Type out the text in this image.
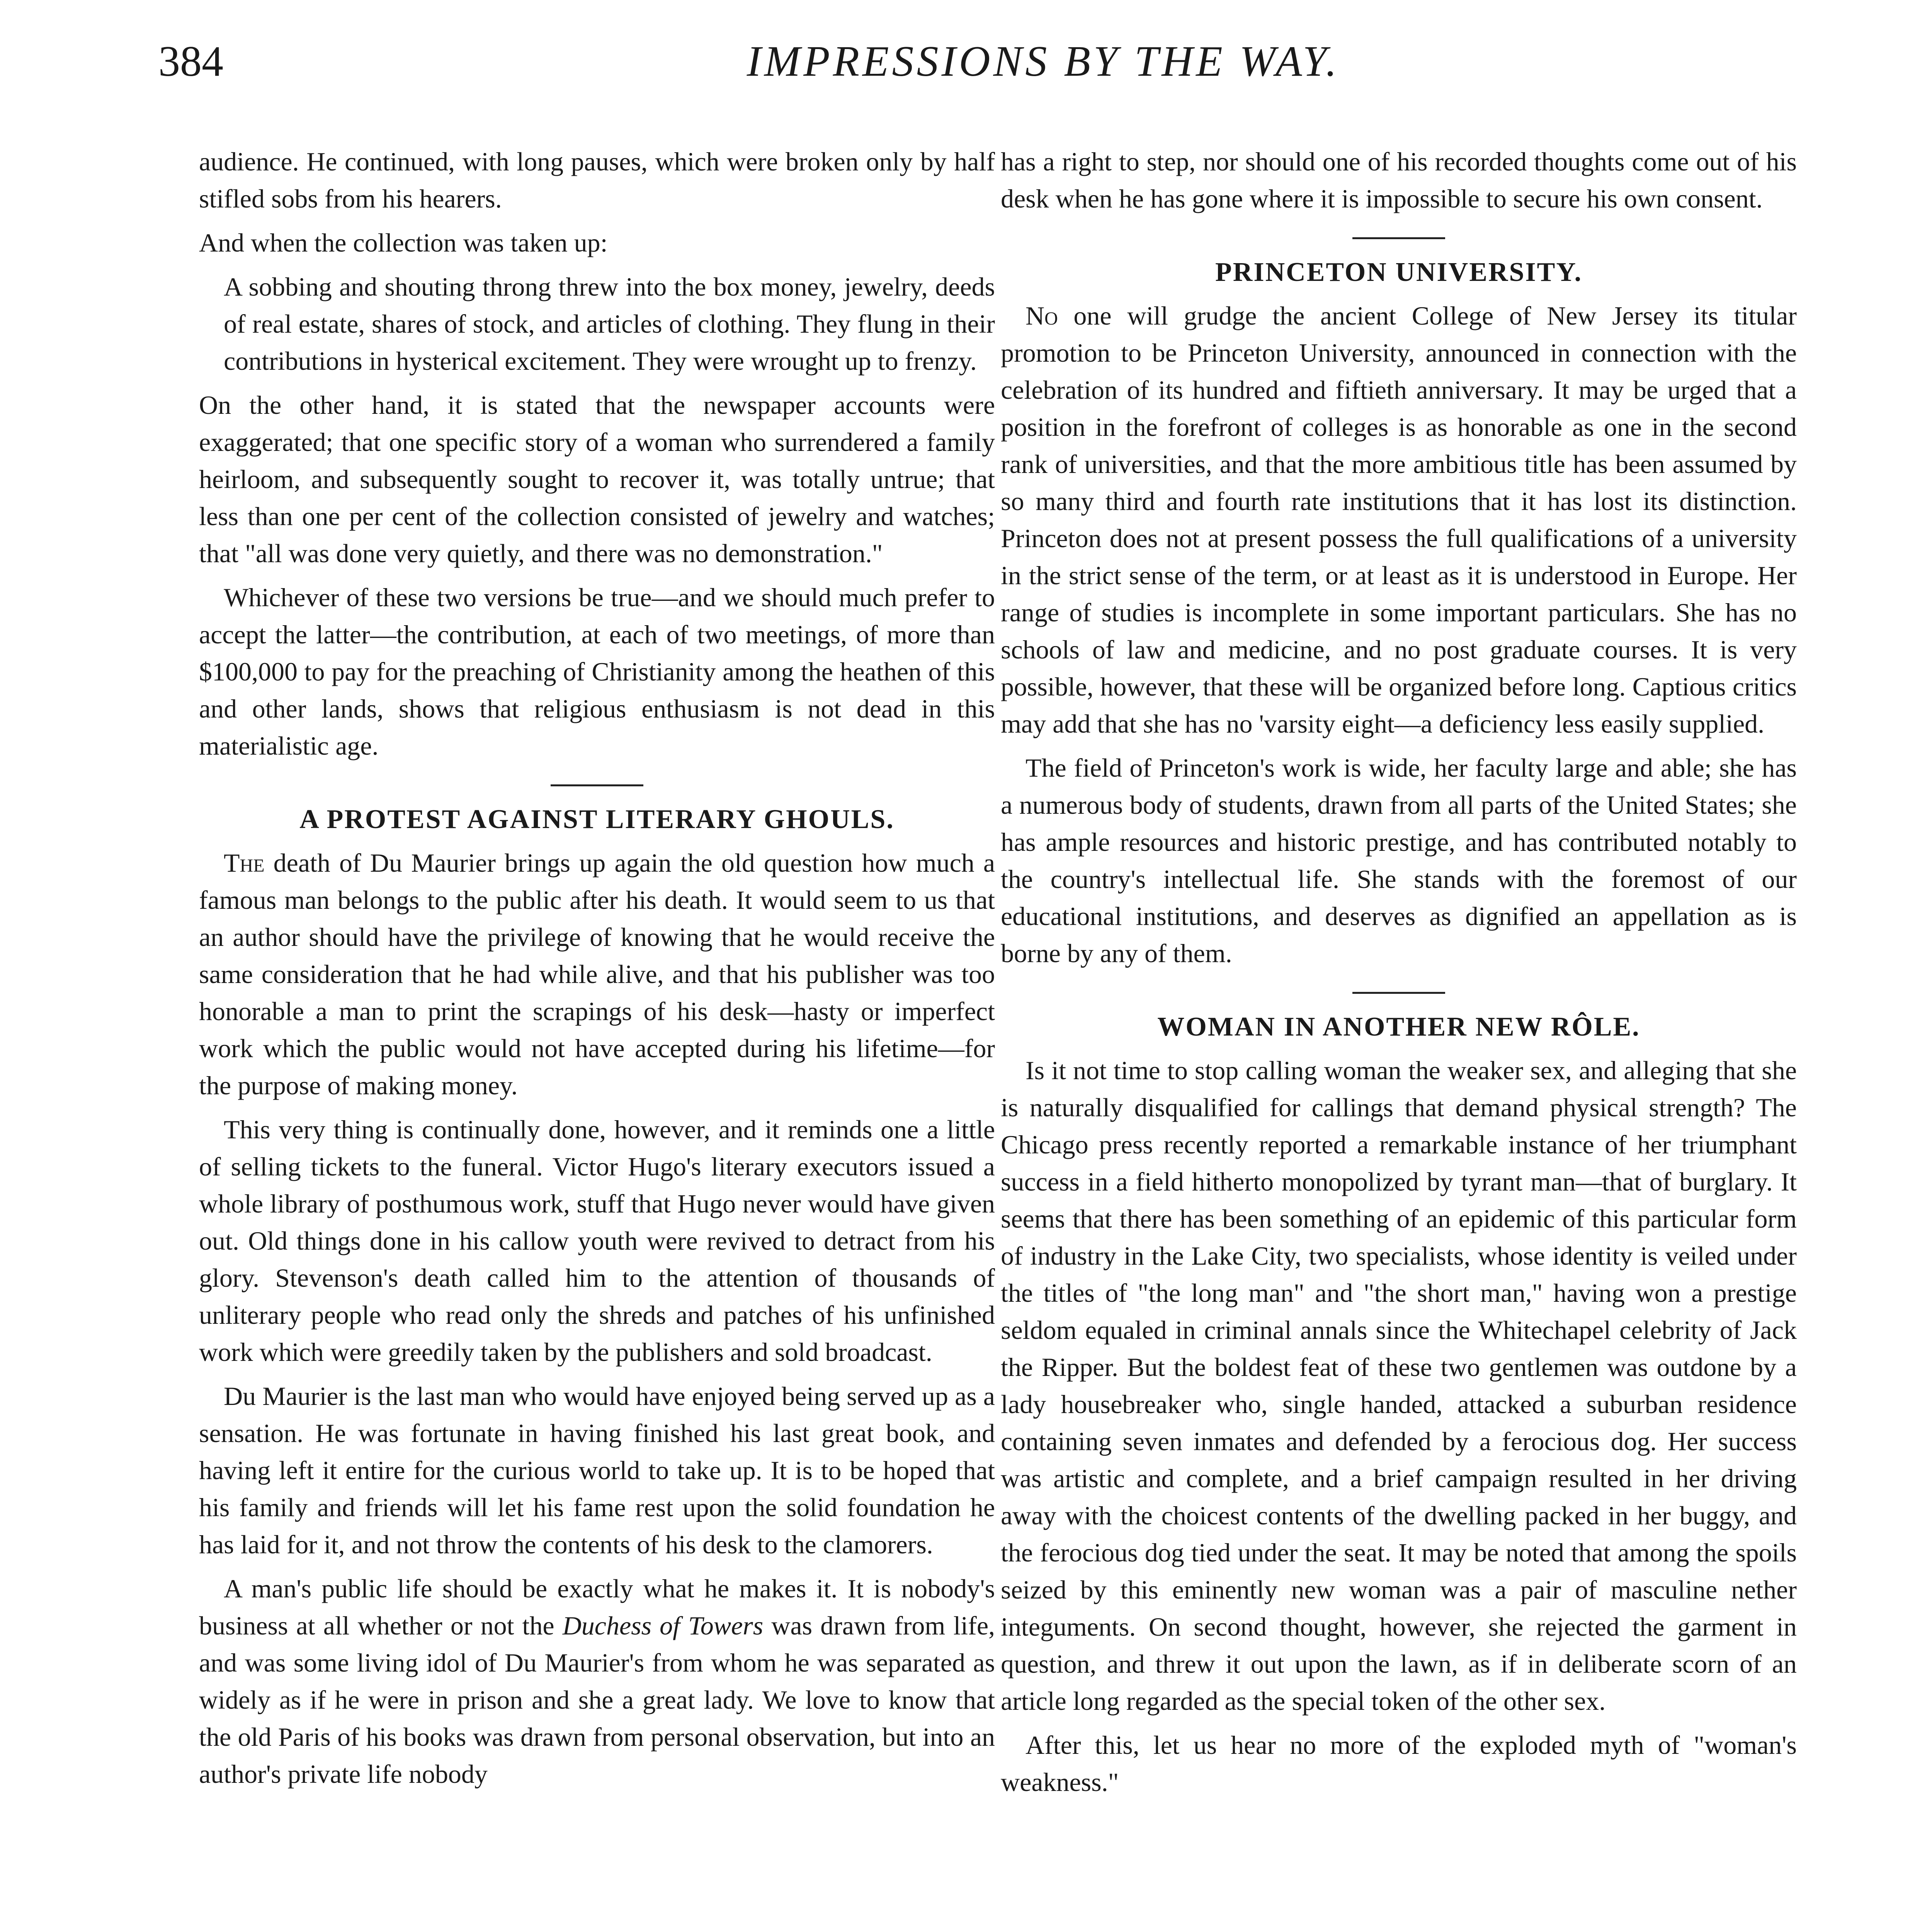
384	IMPRESSIONS BY THE WAY.

audience. He continued, with long pauses, which were broken only by half stifled sobs from his hearers.

And when the collection was taken up:

A sobbing and shouting throng threw into the box money, jewelry, deeds of real estate, shares of stock, and articles of clothing. They flung in their contributions in hysterical excitement. They were wrought up to frenzy.

On the other hand, it is stated that the newspaper accounts were exaggerated; that one specific story of a woman who surrendered a family heirloom, and subsequently sought to recover it, was totally untrue; that less than one per cent of the collection consisted of jewelry and watches; that "all was done very quietly, and there was no demonstration."

Whichever of these two versions be true—and we should much prefer to accept the latter—the contribution, at each of two meetings, of more than $100,000 to pay for the preaching of Christianity among the heathen of this and other lands, shows that religious enthusiasm is not dead in this materialistic age.

A PROTEST AGAINST LITERARY GHOULS.

The death of Du Maurier brings up again the old question how much a famous man belongs to the public after his death. It would seem to us that an author should have the privilege of knowing that he would receive the same consideration that he had while alive, and that his publisher was too honorable a man to print the scrapings of his desk—hasty or imperfect work which the public would not have accepted during his lifetime—for the purpose of making money.

This very thing is continually done, however, and it reminds one a little of selling tickets to the funeral. Victor Hugo's literary executors issued a whole library of posthumous work, stuff that Hugo never would have given out. Old things done in his callow youth were revived to detract from his glory. Stevenson's death called him to the attention of thousands of unliterary people who read only the shreds and patches of his unfinished work which were greedily taken by the publishers and sold broadcast.

Du Maurier is the last man who would have enjoyed being served up as a sensation. He was fortunate in having finished his last great book, and having left it entire for the curious world to take up. It is to be hoped that his family and friends will let his fame rest upon the solid foundation he has laid for it, and not throw the contents of his desk to the clamorers.

A man's public life should be exactly what he makes it. It is nobody's business at all whether or not the Duchess of Towers was drawn from life, and was some living idol of Du Maurier's from whom he was separated as widely as if he were in prison and she a great lady. We love to know that the old Paris of his books was drawn from personal observation, but into an author's private life nobody

has a right to step, nor should one of his recorded thoughts come out of his desk when he has gone where it is impossible to secure his own consent.

PRINCETON UNIVERSITY.

No one will grudge the ancient College of New Jersey its titular promotion to be Princeton University, announced in connection with the celebration of its hundred and fiftieth anniversary. It may be urged that a position in the forefront of colleges is as honorable as one in the second rank of universities, and that the more ambitious title has been assumed by so many third and fourth rate institutions that it has lost its distinction. Princeton does not at present possess the full qualifications of a university in the strict sense of the term, or at least as it is understood in Europe. Her range of studies is incomplete in some important particulars. She has no schools of law and medicine, and no post graduate courses. It is very possible, however, that these will be organized before long. Captious critics may add that she has no 'varsity eight—a deficiency less easily supplied.

The field of Princeton's work is wide, her faculty large and able; she has a numerous body of students, drawn from all parts of the United States; she has ample resources and historic prestige, and has contributed notably to the country's intellectual life. She stands with the foremost of our educational institutions, and deserves as dignified an appellation as is borne by any of them.

WOMAN IN ANOTHER NEW RÔLE.

Is it not time to stop calling woman the weaker sex, and alleging that she is naturally disqualified for callings that demand physical strength? The Chicago press recently reported a remarkable instance of her triumphant success in a field hitherto monopolized by tyrant man—that of burglary. It seems that there has been something of an epidemic of this particular form of industry in the Lake City, two specialists, whose identity is veiled under the titles of "the long man" and "the short man," having won a prestige seldom equaled in criminal annals since the Whitechapel celebrity of Jack the Ripper. But the boldest feat of these two gentlemen was outdone by a lady housebreaker who, single handed, attacked a suburban residence containing seven inmates and defended by a ferocious dog. Her success was artistic and complete, and a brief campaign resulted in her driving away with the choicest contents of the dwelling packed in her buggy, and the ferocious dog tied under the seat. It may be noted that among the spoils seized by this eminently new woman was a pair of masculine nether integuments. On second thought, however, she rejected the garment in question, and threw it out upon the lawn, as if in deliberate scorn of an article long regarded as the special token of the other sex.

After this, let us hear no more of the exploded myth of "woman's weakness."
